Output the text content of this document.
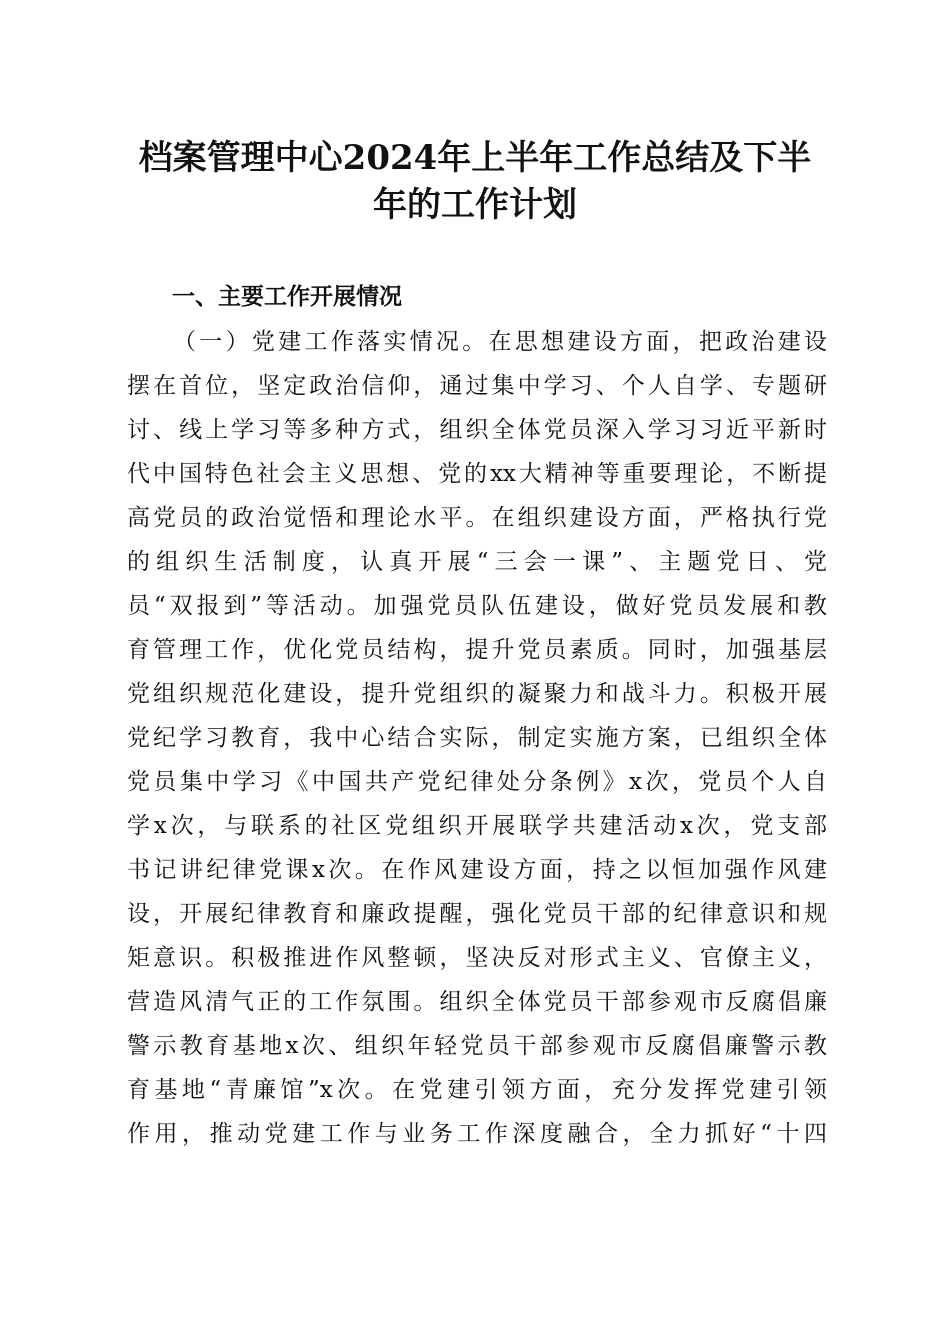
档案管理中心2024年上半年工作总结及下半
年的工作计划
一、主要工作开展情况
（一）党建工作落实情况。在思想建设方面，把政治建设
摆在首位，坚定政治信仰，通过集中学习、个人自学、专题研
讨、线上学习等多种方式，组织全体党员深入学习习近平新时
代中国特色社会主义思想、党的xx大精神等重要理论，不断提
高党员的政治觉悟和理论水平。在组织建设方面，严格执行党
的组织生活制度，认真开展“三会一课”、主题党日、党
员“双报到”等活动。加强党员队伍建设，做好党员发展和教
育管理工作，优化党员结构，提升党员素质。同时，加强基层
党组织规范化建设，提升党组织的凝聚力和战斗力。积极开展
党纪学习教育，我中心结合实际，制定实施方案，已组织全体
党员集中学习《中国共产党纪律处分条例》x次，党员个人自
学x次，与联系的社区党组织开展联学共建活动x次，党支部
书记讲纪律党课x次。在作风建设方面，持之以恒加强作风建
设，开展纪律教育和廉政提醒，强化党员干部的纪律意识和规
矩意识。积极推进作风整顿，坚决反对形式主义、官僚主义，
营造风清气正的工作氛围。组织全体党员干部参观市反腐倡廉
警示教育基地x次、组织年轻党员干部参观市反腐倡廉警示教
育基地“青廉馆”x次。在党建引领方面，充分发挥党建引领
作用，推动党建工作与业务工作深度融合，全力抓好“十四
